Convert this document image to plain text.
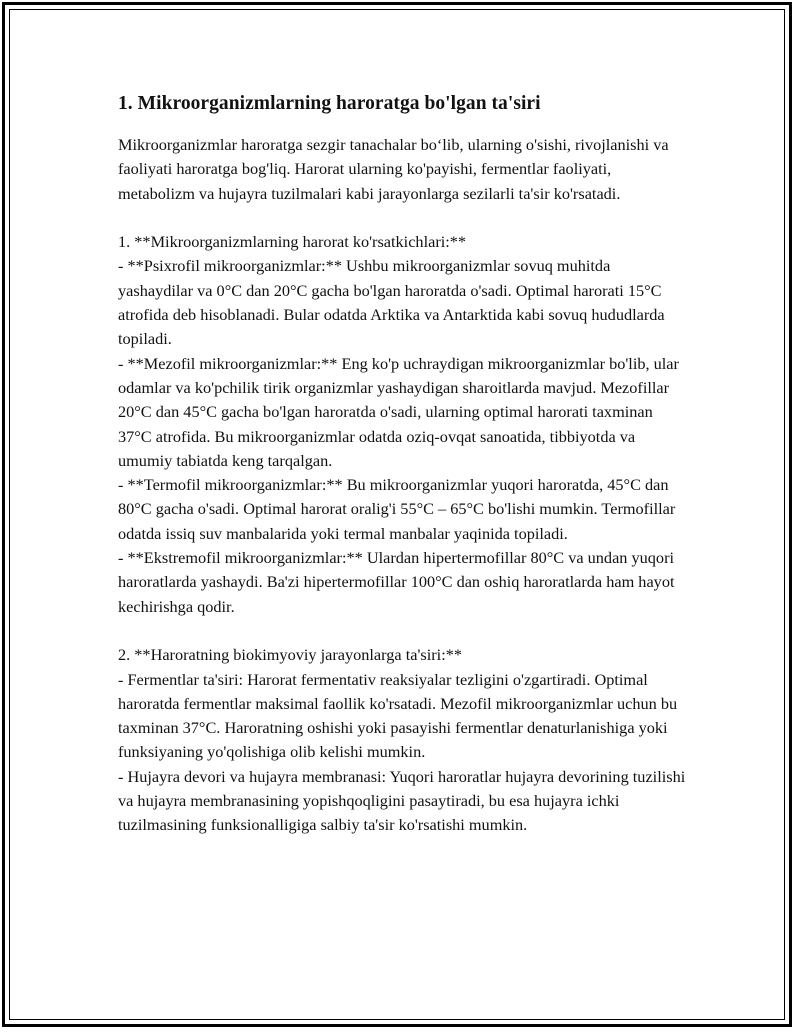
1. Mikroorganizmlarning haroratga bo'lgan ta'siri

Mikroorganizmlar haroratga sezgir tanachalar bo‘lib, ularning o'sishi, rivojlanishi va faoliyati haroratga bog'liq. Harorat ularning ko'payishi, fermentlar faoliyati, metabolizm va hujayra tuzilmalari kabi jarayonlarga sezilarli ta'sir ko'rsatadi.

1. **Mikroorganizmlarning harorat ko'rsatkichlari:**

- **Psixrofil mikroorganizmlar:** Ushbu mikroorganizmlar sovuq muhitda yashaydilar va 0°C dan 20°C gacha bo'lgan haroratda o'sadi. Optimal harorati 15°C atrofida deb hisoblanadi. Bular odatda Arktika va Antarktida kabi sovuq hududlarda topiladi.

- **Mezofil mikroorganizmlar:** Eng ko'p uchraydigan mikroorganizmlar bo'lib, ular odamlar va ko'pchilik tirik organizmlar yashaydigan sharoitlarda mavjud. Mezofillar 20°C dan 45°C gacha bo'lgan haroratda o'sadi, ularning optimal harorati taxminan 37°C atrofida. Bu mikroorganizmlar odatda oziq-ovqat sanoatida, tibbiyotda va umumiy tabiatda keng tarqalgan.

- **Termofil mikroorganizmlar:** Bu mikroorganizmlar yuqori haroratda, 45°C dan 80°C gacha o'sadi. Optimal harorat oralig'i 55°C – 65°C bo'lishi mumkin. Termofillar odatda issiq suv manbalarida yoki termal manbalar yaqinida topiladi.

- **Ekstremofil mikroorganizmlar:** Ulardan hipertermofillar 80°C va undan yuqori haroratlarda yashaydi. Ba'zi hipertermofillar 100°C dan oshiq haroratlarda ham hayot kechirishga qodir.

2. **Haroratning biokimyoviy jarayonlarga ta'siri:**

- Fermentlar ta'siri: Harorat fermentativ reaksiyalar tezligini o'zgartiradi. Optimal haroratda fermentlar maksimal faollik ko'rsatadi. Mezofil mikroorganizmlar uchun bu taxminan 37°C. Haroratning oshishi yoki pasayishi fermentlar denaturlanishiga yoki funksiyaning yo'qolishiga olib kelishi mumkin.

- Hujayra devori va hujayra membranasi: Yuqori haroratlar hujayra devorining tuzilishi va hujayra membranasining yopishqoqligini pasaytiradi, bu esa hujayra ichki tuzilmasining funksionalligiga salbiy ta'sir ko'rsatishi mumkin.
